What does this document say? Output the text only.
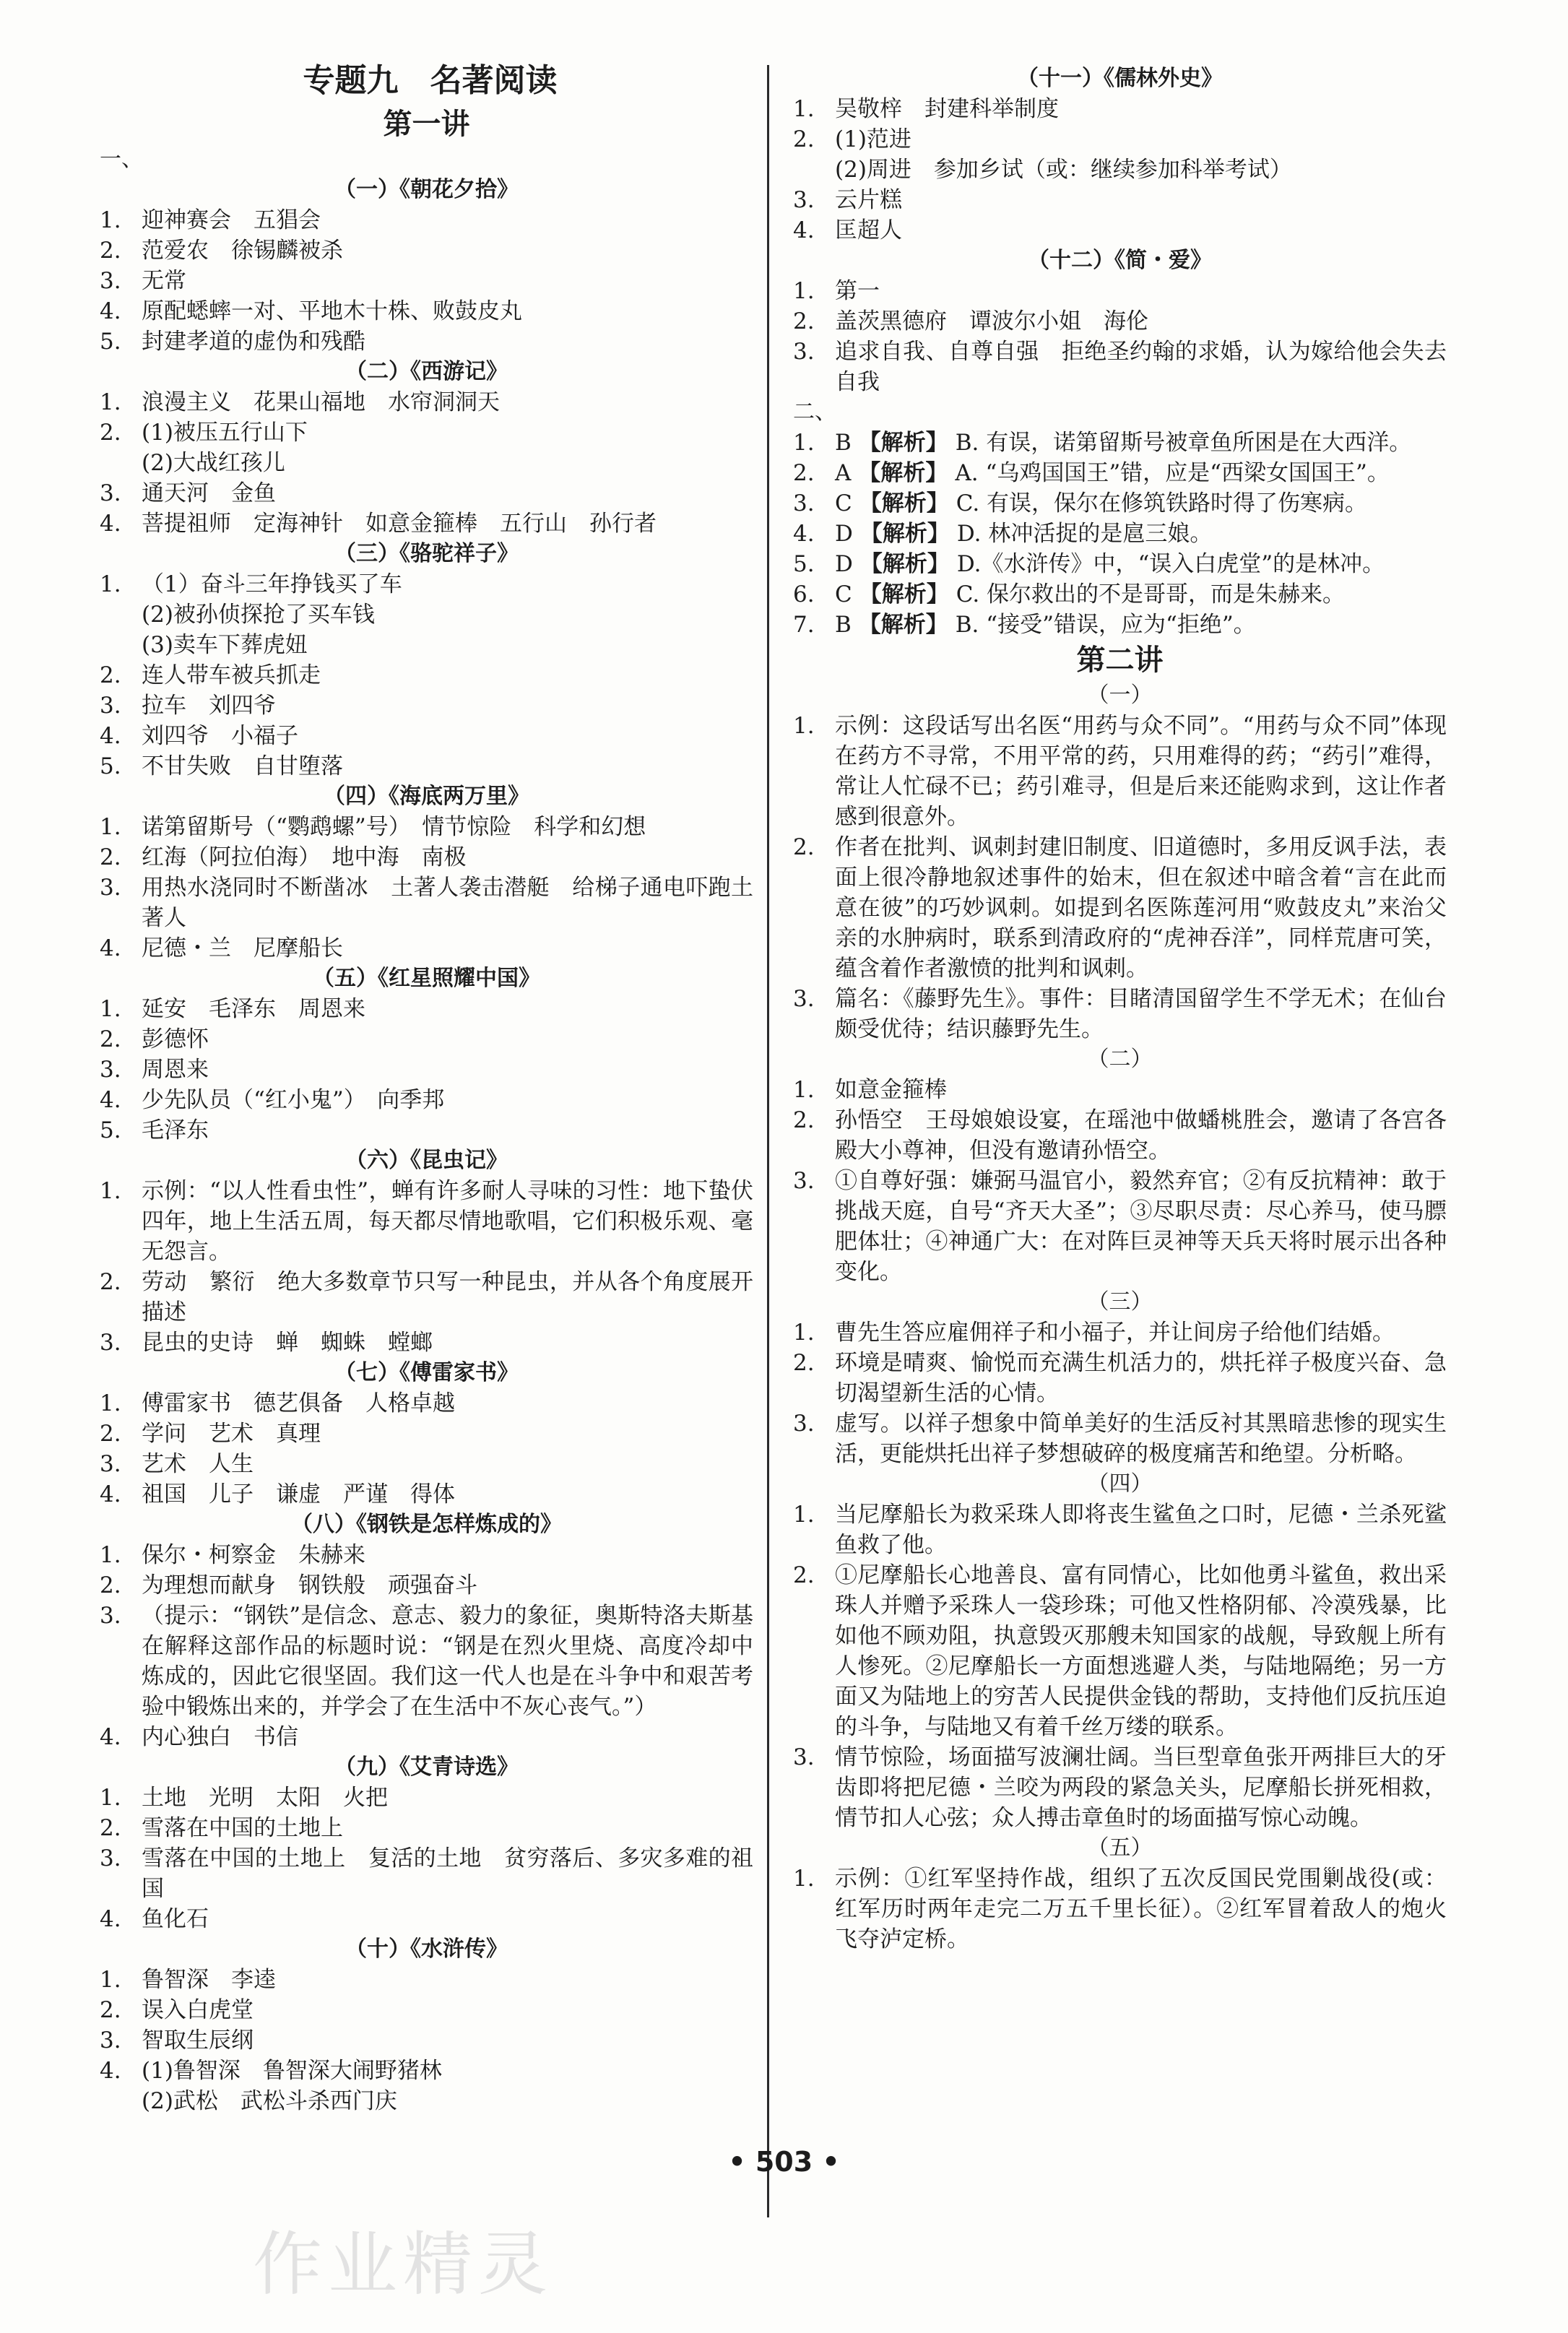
专题九　名著阅读
第一讲
一、
（一）《朝花夕拾》
1. 迎神赛会　五猖会
2. 范爱农　徐锡麟被杀
3. 无常
4. 原配蟋蟀一对、平地木十株、败鼓皮丸
5. 封建孝道的虚伪和残酷
（二）《西游记》
1. 浪漫主义　花果山福地　水帘洞洞天
2. (1)被压五行山下
(2)大战红孩儿
3. 通天河　金鱼
4. 菩提祖师　定海神针　如意金箍棒　五行山　孙行者
（三）《骆驼祥子》
1. （1）奋斗三年挣钱买了车
(2)被孙侦探抢了买车钱
(3)卖车下葬虎妞
2. 连人带车被兵抓走
3. 拉车　刘四爷
4. 刘四爷　小福子
5. 不甘失败　自甘堕落
（四）《海底两万里》
1. 诺第留斯号（“鹦鹉螺”号）　情节惊险　科学和幻想
2. 红海（阿拉伯海）　地中海　南极
3. 用热水浇同时不断凿冰　土著人袭击潜艇　给梯子通电吓跑土著人
4. 尼德・兰　尼摩船长
（五）《红星照耀中国》
1. 延安　毛泽东　周恩来
2. 彭德怀
3. 周恩来
4. 少先队员（“红小鬼”）　向季邦
5. 毛泽东
（六）《昆虫记》
1. 示例：“以人性看虫性”，蝉有许多耐人寻味的习性：地下蛰伏四年，地上生活五周，每天都尽情地歌唱，它们积极乐观、毫无怨言。
2. 劳动　繁衍　绝大多数章节只写一种昆虫，并从各个角度展开描述
3. 昆虫的史诗　蝉　蜘蛛　螳螂
（七）《傅雷家书》
1. 傅雷家书　德艺俱备　人格卓越
2. 学问　艺术　真理
3. 艺术　人生
4. 祖国　儿子　谦虚　严谨　得体
（八）《钢铁是怎样炼成的》
1. 保尔・柯察金　朱赫来
2. 为理想而献身　钢铁般　顽强奋斗
3. （提示：“钢铁”是信念、意志、毅力的象征，奥斯特洛夫斯基在解释这部作品的标题时说：“钢是在烈火里烧、高度冷却中炼成的，因此它很坚固。我们这一代人也是在斗争中和艰苦考验中锻炼出来的，并学会了在生活中不灰心丧气。”）
4. 内心独白　书信
（九）《艾青诗选》
1. 土地　光明　太阳　火把
2. 雪落在中国的土地上
3. 雪落在中国的土地上　复活的土地　贫穷落后、多灾多难的祖国
4. 鱼化石
（十）《水浒传》
1. 鲁智深　李逵
2. 误入白虎堂
3. 智取生辰纲
4. (1)鲁智深　鲁智深大闹野猪林
(2)武松　武松斗杀西门庆
（十一）《儒林外史》
1. 吴敬梓　封建科举制度
2. (1)范进
(2)周进　参加乡试（或：继续参加科举考试）
3. 云片糕
4. 匡超人
（十二）《简・爱》
1. 第一
2. 盖茨黑德府　谭波尔小姐　海伦
3. 追求自我、自尊自强　拒绝圣约翰的求婚，认为嫁给他会失去自我
二、
1. B 【解析】 B. 有误，诺第留斯号被章鱼所困是在大西洋。
2. A 【解析】 A. “乌鸡国国王”错，应是“西梁女国国王”。
3. C 【解析】 C. 有误，保尔在修筑铁路时得了伤寒病。
4. D 【解析】 D. 林冲活捉的是扈三娘。
5. D 【解析】 D.《水浒传》中，“误入白虎堂”的是林冲。
6. C 【解析】 C. 保尔救出的不是哥哥，而是朱赫来。
7. B 【解析】 B. “接受”错误，应为“拒绝”。
第二讲
（一）
1. 示例：这段话写出名医“用药与众不同”。“用药与众不同”体现在药方不寻常，不用平常的药，只用难得的药；“药引”难得，常让人忙碌不已；药引难寻，但是后来还能购求到，这让作者感到很意外。
2. 作者在批判、讽刺封建旧制度、旧道德时，多用反讽手法，表面上很冷静地叙述事件的始末，但在叙述中暗含着“言在此而意在彼”的巧妙讽刺。如提到名医陈莲河用“败鼓皮丸”来治父亲的水肿病时，联系到清政府的“虎神吞洋”，同样荒唐可笑，蕴含着作者激愤的批判和讽刺。
3. 篇名：《藤野先生》。事件：目睹清国留学生不学无术；在仙台颇受优待；结识藤野先生。
（二）
1. 如意金箍棒
2. 孙悟空　王母娘娘设宴，在瑶池中做蟠桃胜会，邀请了各宫各殿大小尊神，但没有邀请孙悟空。
3. ①自尊好强：嫌弼马温官小，毅然弃官；②有反抗精神：敢于挑战天庭，自号“齐天大圣”；③尽职尽责：尽心养马，使马膘肥体壮；④神通广大：在对阵巨灵神等天兵天将时展示出各种变化。
（三）
1. 曹先生答应雇佣祥子和小福子，并让间房子给他们结婚。
2. 环境是晴爽、愉悦而充满生机活力的，烘托祥子极度兴奋、急切渴望新生活的心情。
3. 虚写。以祥子想象中简单美好的生活反衬其黑暗悲惨的现实生活，更能烘托出祥子梦想破碎的极度痛苦和绝望。分析略。
（四）
1. 当尼摩船长为救采珠人即将丧生鲨鱼之口时，尼德・兰杀死鲨鱼救了他。
2. ①尼摩船长心地善良、富有同情心，比如他勇斗鲨鱼，救出采珠人并赠予采珠人一袋珍珠；可他又性格阴郁、冷漠残暴，比如他不顾劝阻，执意毁灭那艘未知国家的战舰，导致舰上所有人惨死。②尼摩船长一方面想逃避人类，与陆地隔绝；另一方面又为陆地上的穷苦人民提供金钱的帮助，支持他们反抗压迫的斗争，与陆地又有着千丝万缕的联系。
3. 情节惊险，场面描写波澜壮阔。当巨型章鱼张开两排巨大的牙齿即将把尼德・兰咬为两段的紧急关头，尼摩船长拼死相救，情节扣人心弦；众人搏击章鱼时的场面描写惊心动魄。
（五）
1. 示例：①红军坚持作战，组织了五次反国民党围剿战役(或：红军历时两年走完二万五千里长征）。②红军冒着敌人的炮火飞夺泸定桥。
• 503 •
作业精灵
